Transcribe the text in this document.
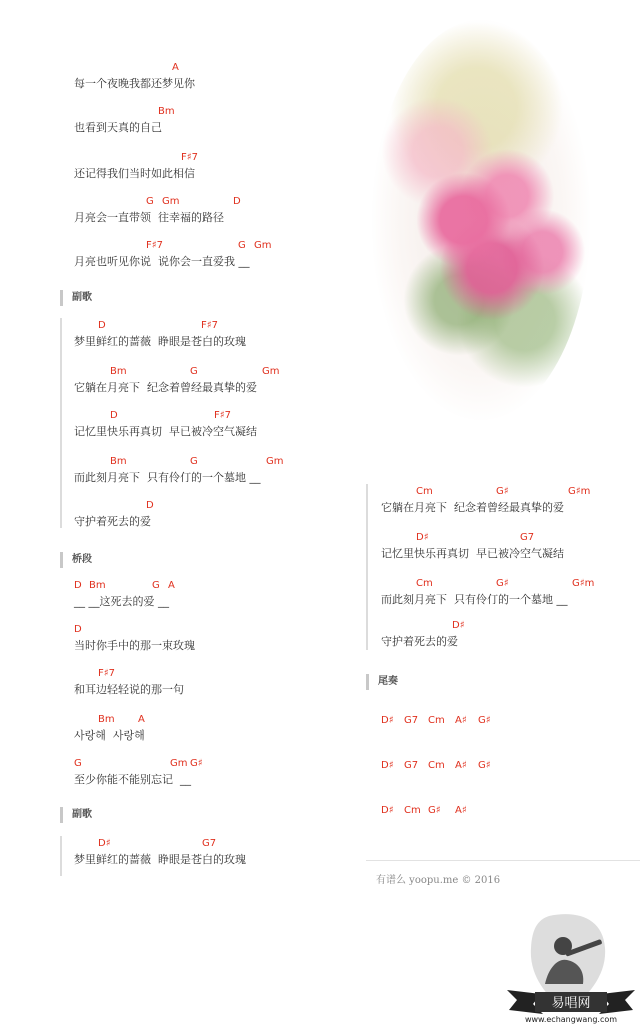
A
每一个夜晚我都还梦见你
Bm
也看到天真的自己
F♯7
还记得我们当时如此相信
G Gm	D
月亮会一直带领  往幸福的路径
F♯7	G Gm
月亮也听见你说  说你会一直爱我 __
D	F♯7
梦里鲜红的蔷薇  睁眼是苍白的玫瑰
Bm	G	Gm
它躺在月亮下  纪念着曾经最真挚的爱
D	F♯7
记忆里快乐再真切  早已被冷空气凝结
Bm	G	Gm
而此刻月亮下  只有伶仃的一个墓地 __
D
守护着死去的爱
D Bm	G A
__ __这死去的爱 __
D
当时你手中的那一束玫瑰
F♯7
和耳边轻轻说的那一句
Bm A
사랑해  사랑해
G	Gm G♯
至少你能不能别忘记  __
D♯	G7
梦里鲜红的蔷薇  睁眼是苍白的玫瑰
Cm	G♯	G♯m
它躺在月亮下  纪念着曾经最真挚的爱
D♯	G7
记忆里快乐再真切  早已被冷空气凝结
Cm	G♯	G♯m
而此刻月亮下  只有伶仃的一个墓地 __
D♯
守护着死去的爱
副歌
桥段
副歌
尾奏
D♯ G7 Cm A♯ G♯
D♯ G7 Cm A♯ G♯
D♯ Cm G♯ A♯
有谱么 yoopu.me © 2016
易唱网
www.echangwang.com
